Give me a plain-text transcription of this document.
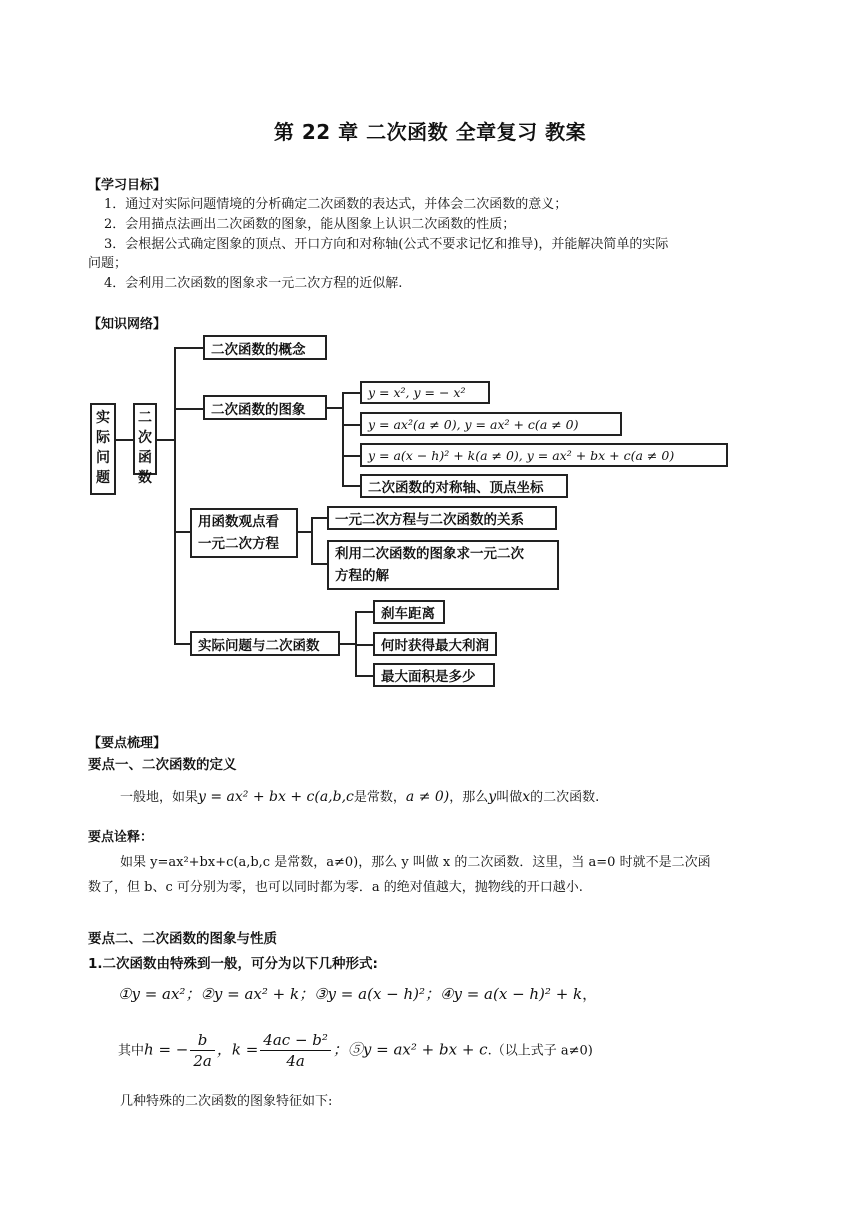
第 22 章 二次函数 全章复习 教案
【学习目标】
1．通过对实际问题情境的分析确定二次函数的表达式，并体会二次函数的意义；
2．会用描点法画出二次函数的图象，能从图象上认识二次函数的性质；
3．会根据公式确定图象的顶点、开口方向和对称轴(公式不要求记忆和推导)，并能解决简单的实际
问题；
4．会利用二次函数的图象求一元二次方程的近似解.
【知识网络】
实际问题
二次函数
二次函数的概念
二次函数的图象
y = x², y = − x²
y = ax²(a ≠ 0), y = ax² + c(a ≠ 0)
y = a(x − h)² + k(a ≠ 0), y = ax² + bx + c(a ≠ 0)
二次函数的对称轴、顶点坐标
用函数观点看
一元二次方程
一元二次方程与二次函数的关系
利用二次函数的图象求一元二次
方程的解
实际问题与二次函数
刹车距离
何时获得最大利润
最大面积是多少
【要点梳理】
要点一、二次函数的定义
一般地，如果y = ax² + bx + c(a,b,c是常数，a ≠ 0)，那么y叫做x的二次函数.
要点诠释：
如果 y=ax²+bx+c(a,b,c 是常数，a≠0)，那么 y 叫做 x 的二次函数．这里，当 a=0 时就不是二次函
数了，但 b、c 可分别为零，也可以同时都为零．a 的绝对值越大，抛物线的开口越小.
要点二、二次函数的图象与性质
1.二次函数由特殊到一般，可分为以下几种形式:
①y = ax²；②y = ax² + k；③y = a(x − h)²；④y = a(x − h)² + k，
其中h = − $\frac{b}{2a}$ ，$k = \frac{\text{4ac − b²}}{4a}$ ；⑤y = ax² + bx + c.（以上式子 a≠0)
几种特殊的二次函数的图象特征如下:
